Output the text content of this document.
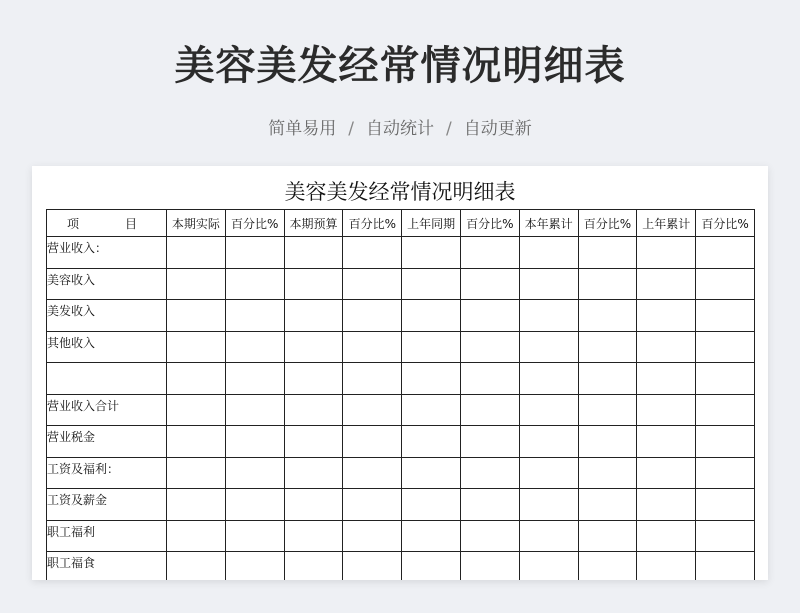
美容美发经常情况明细表
简单易用 / 自动统计 / 自动更新
美容美发经常情况明细表
项 目	本期实际	百分比%	本期预算	百分比%	上年同期	百分比%	本年累计	百分比%	上年累计	百分比%
营业收入：										
美容收入										
美发收入										
其他收入										

营业收入合计										
营业税金										
工资及福利：										
工资及薪金										
职工福利										
职工福食										
